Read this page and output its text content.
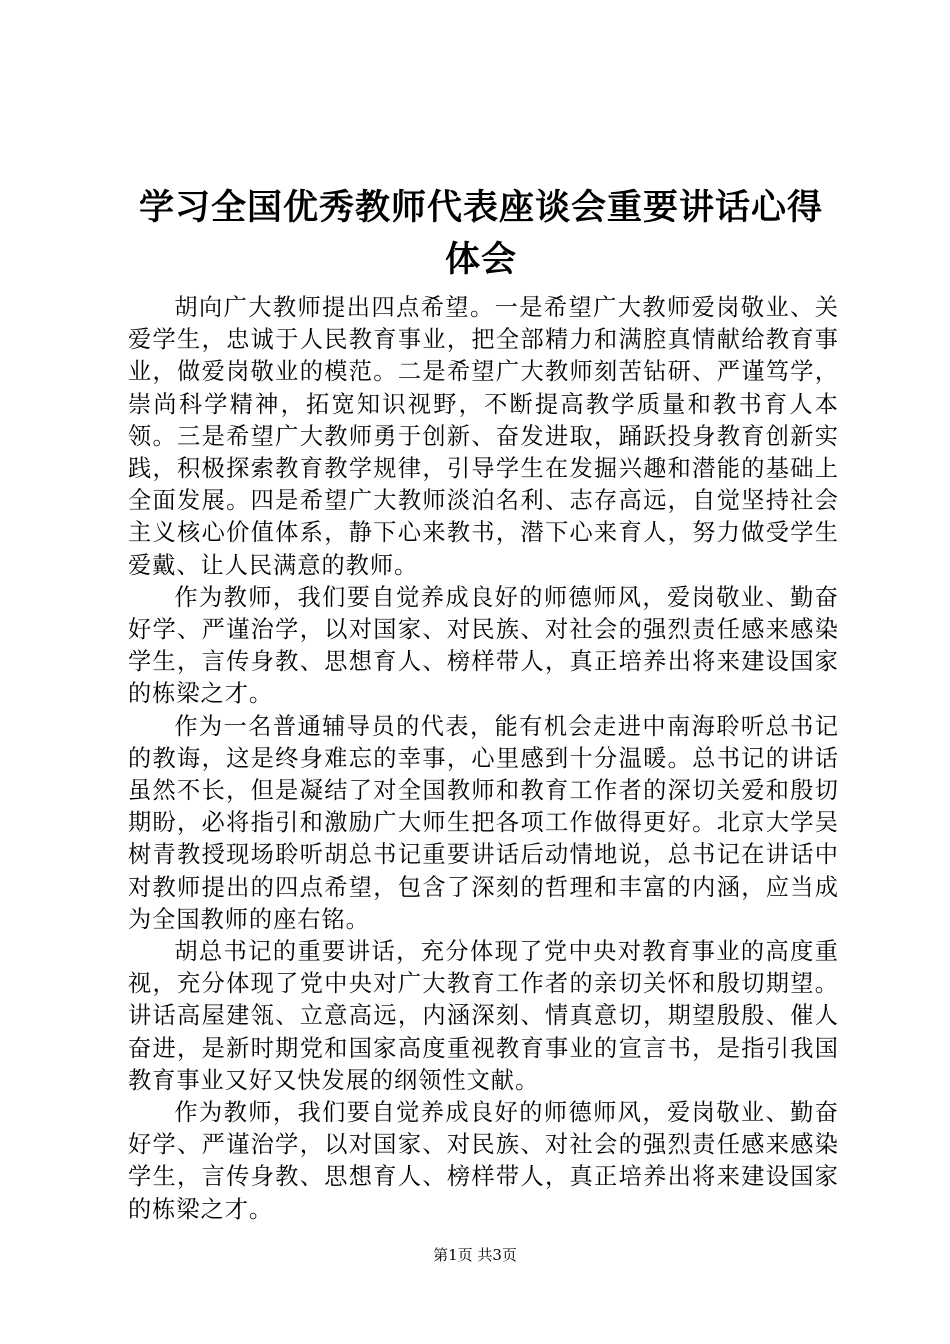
学习全国优秀教师代表座谈会重要讲话心得体会

胡向广大教师提出四点希望。一是希望广大教师爱岗敬业、关爱学生，忠诚于人民教育事业，把全部精力和满腔真情献给教育事业，做爱岗敬业的模范。二是希望广大教师刻苦钻研、严谨笃学，崇尚科学精神，拓宽知识视野，不断提高教学质量和教书育人本领。三是希望广大教师勇于创新、奋发进取，踊跃投身教育创新实践，积极探索教育教学规律，引导学生在发掘兴趣和潜能的基础上全面发展。四是希望广大教师淡泊名利、志存高远，自觉坚持社会主义核心价值体系，静下心来教书，潜下心来育人，努力做受学生爱戴、让人民满意的教师。

作为教师，我们要自觉养成良好的师德师风，爱岗敬业、勤奋好学、严谨治学，以对国家、对民族、对社会的强烈责任感来感染学生，言传身教、思想育人、榜样带人，真正培养出将来建设国家的栋梁之才。

作为一名普通辅导员的代表，能有机会走进中南海聆听总书记的教诲，这是终身难忘的幸事，心里感到十分温暖。总书记的讲话虽然不长，但是凝结了对全国教师和教育工作者的深切关爱和殷切期盼，必将指引和激励广大师生把各项工作做得更好。北京大学吴树青教授现场聆听胡总书记重要讲话后动情地说，总书记在讲话中对教师提出的四点希望，包含了深刻的哲理和丰富的内涵，应当成为全国教师的座右铭。

胡总书记的重要讲话，充分体现了党中央对教育事业的高度重视，充分体现了党中央对广大教育工作者的亲切关怀和殷切期望。讲话高屋建瓴、立意高远，内涵深刻、情真意切，期望殷殷、催人奋进，是新时期党和国家高度重视教育事业的宣言书，是指引我国教育事业又好又快发展的纲领性文献。

作为教师，我们要自觉养成良好的师德师风，爱岗敬业、勤奋好学、严谨治学，以对国家、对民族、对社会的强烈责任感来感染学生，言传身教、思想育人、榜样带人，真正培养出将来建设国家的栋梁之才。

第1页 共3页
